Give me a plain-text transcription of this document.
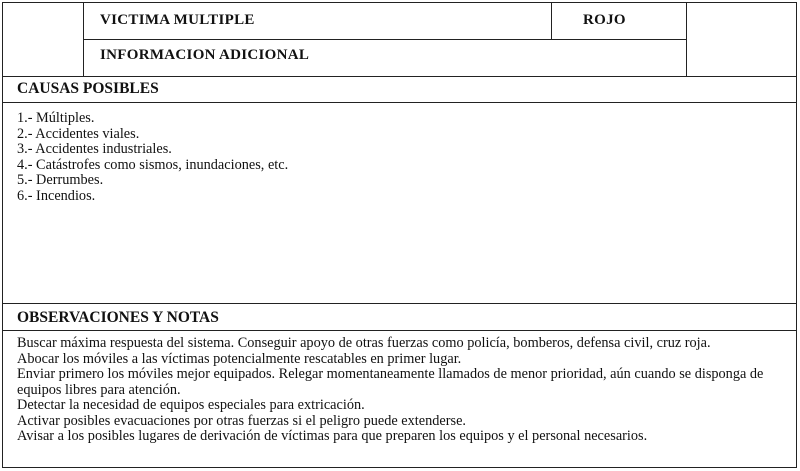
VICTIMA MULTIPLE	ROJO
INFORMACION ADICIONAL
CAUSAS POSIBLES
1.- Múltiples.
2.- Accidentes viales.
3.- Accidentes industriales.
4.- Catástrofes como sismos, inundaciones, etc.
5.- Derrumbes.
6.- Incendios.
OBSERVACIONES Y NOTAS
Buscar máxima respuesta del sistema. Conseguir apoyo de otras fuerzas como policía, bomberos, defensa civil, cruz roja.
Abocar los móviles a las víctimas potencialmente rescatables en primer lugar.
Enviar primero los móviles mejor equipados. Relegar momentaneamente llamados de menor prioridad, aún cuando se disponga de equipos libres para atención.
Detectar la necesidad de equipos especiales para extricación.
Activar posibles evacuaciones por otras fuerzas si el peligro puede extenderse.
Avisar a los posibles lugares de derivación de víctimas para que preparen los equipos y el personal necesarios.
